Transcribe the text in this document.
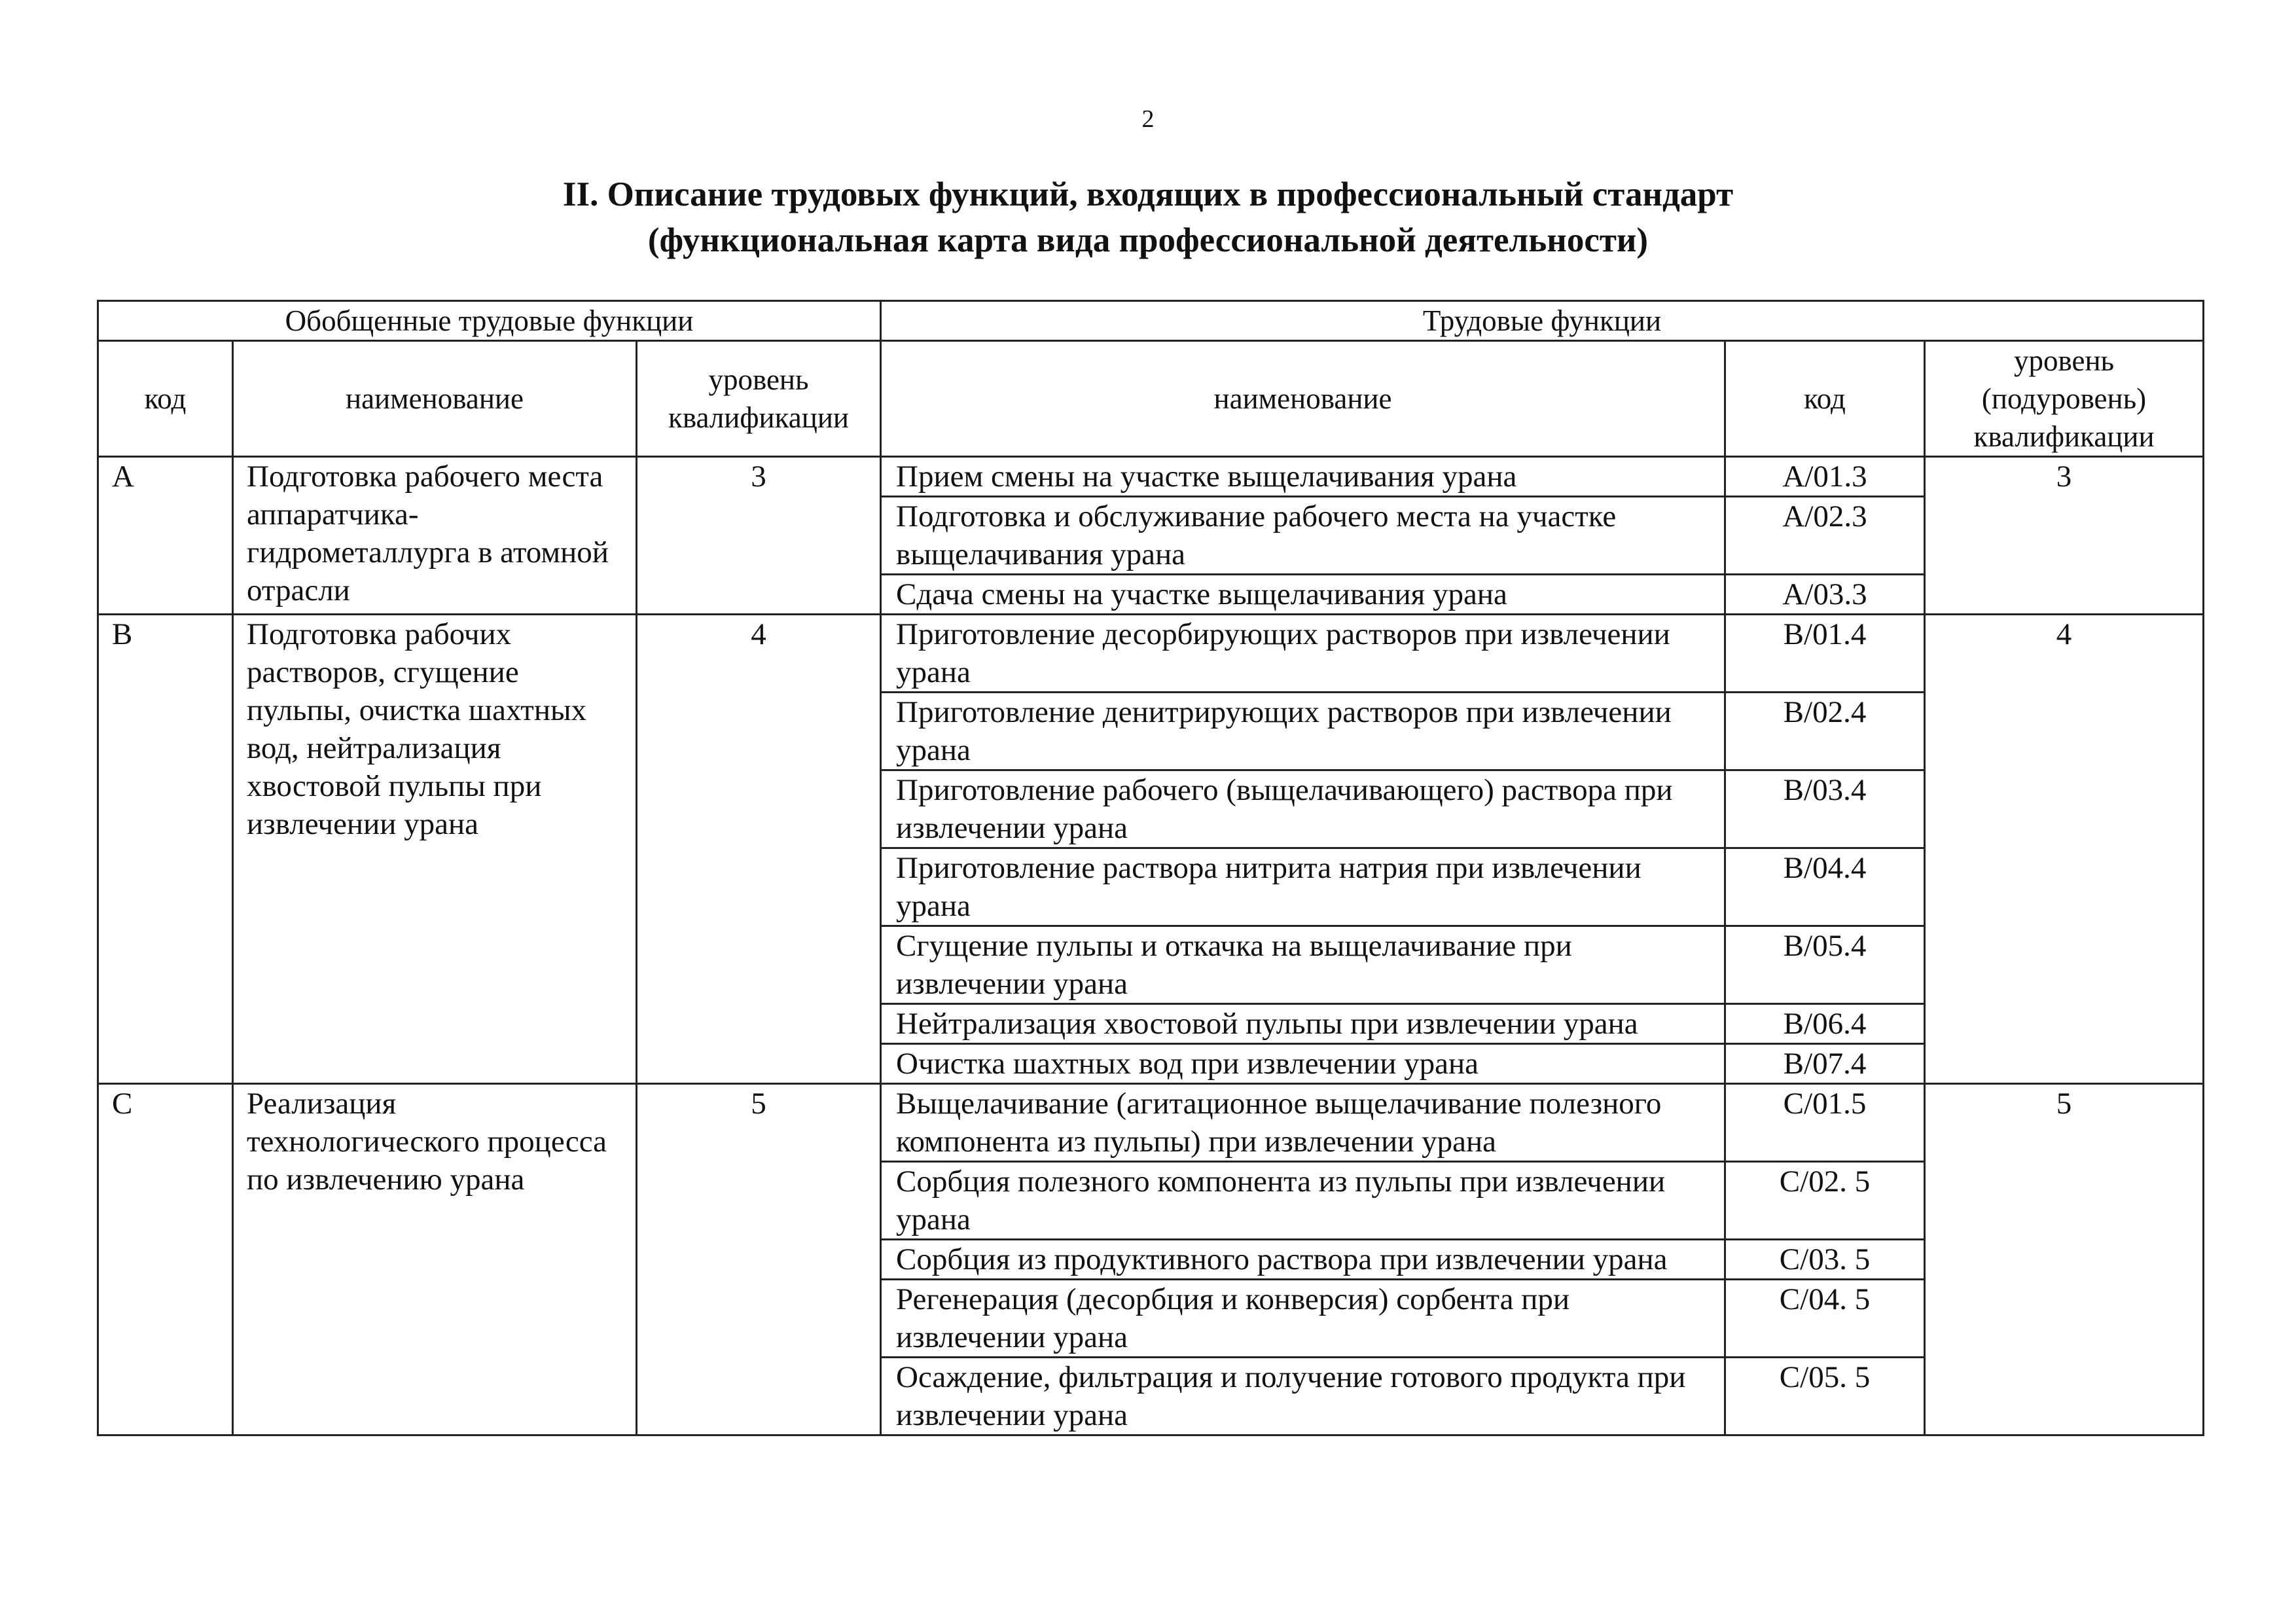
2
II. Описание трудовых функций, входящих в профессиональный стандарт
(функциональная карта вида профессиональной деятельности)
Обобщенные трудовые функции			Трудовые функции		
код	наименование	уровень квалификации	наименование	код	уровень (подуровень) квалификации
A	Подготовка рабочего места аппаратчика-гидрометаллурга в атомной отрасли	3	Прием смены на участке выщелачивания урана	A/01.3	3
			Подготовка и обслуживание рабочего места на участке выщелачивания урана	A/02.3	
			Сдача смены на участке выщелачивания урана	A/03.3	
B	Подготовка рабочих растворов, сгущение пульпы, очистка шахтных вод, нейтрализация хвостовой пульпы при извлечении урана	4	Приготовление десорбирующих растворов при извлечении урана	B/01.4	4
			Приготовление денитрирующих растворов при извлечении урана	B/02.4	
			Приготовление рабочего (выщелачивающего) раствора при извлечении урана	B/03.4	
			Приготовление раствора нитрита натрия при извлечении урана	B/04.4	
			Сгущение пульпы и откачка на выщелачивание при извлечении урана	B/05.4	
			Нейтрализация хвостовой пульпы при извлечении урана	B/06.4	
			Очистка шахтных вод при извлечении урана	B/07.4	
C	Реализация технологического процесса по извлечению урана	5	Выщелачивание (агитационное выщелачивание полезного компонента из пульпы) при извлечении урана	C/01.5	5
			Сорбция полезного компонента из пульпы при извлечении урана	C/02. 5	
			Сорбция из продуктивного раствора при извлечении урана	C/03. 5	
			Регенерация (десорбция и конверсия) сорбента при извлечении урана	C/04. 5	
			Осаждение, фильтрация и получение готового продукта при извлечении урана	C/05. 5	
